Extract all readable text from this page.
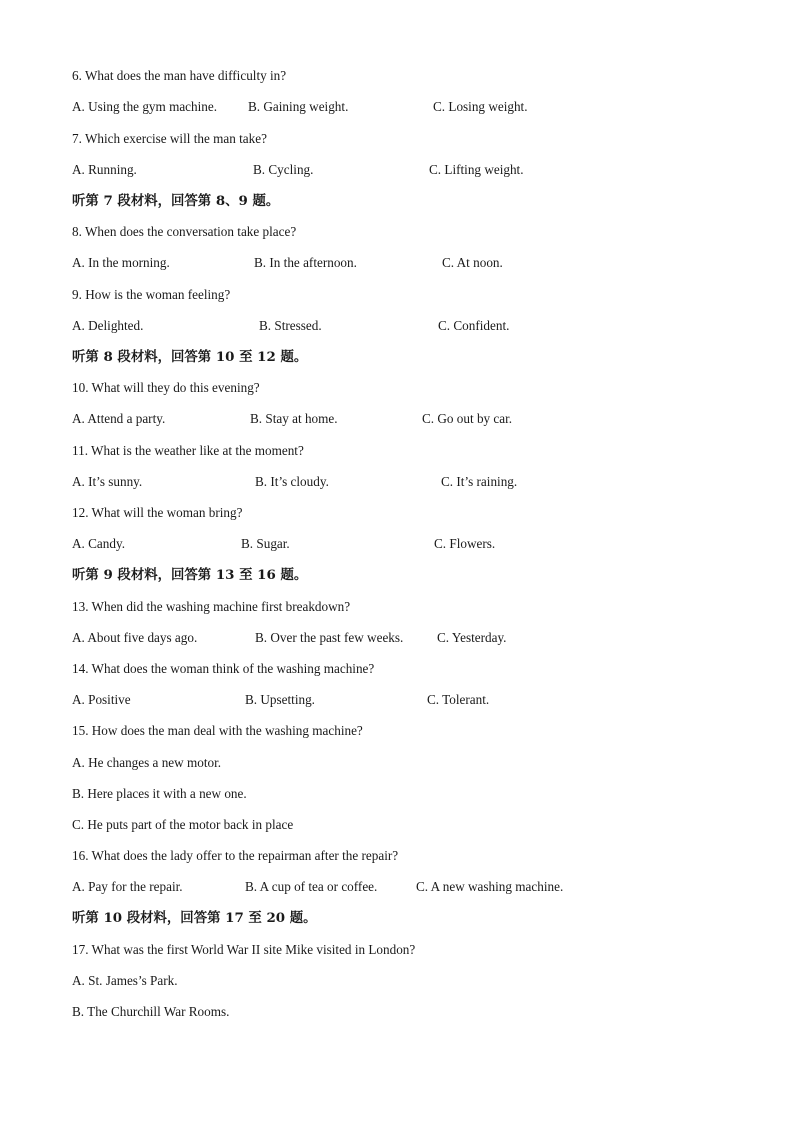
6. What does the man have difficulty in?
A. Using the gym machine. B. Gaining weight.	C. Losing weight.
7. Which exercise will the man take?
A. Running.	B. Cycling.	C. Lifting weight.
听第 7 段材料，回答第 8、9 题。
8. When does the conversation take place?
A. In the morning.	B. In the afternoon.	C. At noon.
9. How is the woman feeling?
A. Delighted.	B. Stressed.	C. Confident.
听第 8 段材料，回答第 10 至 12 题。
10. What will they do this evening?
A. Attend a party.	B. Stay at home.	C. Go out by car.
11. What is the weather like at the moment?
A. It’s sunny.	B. It’s cloudy.	C. It’s raining.
12. What will the woman bring?
A. Candy.	B. Sugar.	C. Flowers.
听第 9 段材料，回答第 13 至 16 题。
13. When did the washing machine first breakdown?
A. About five days ago.	B. Over the past few weeks.	C. Yesterday.
14. What does the woman think of the washing machine?
A. Positive	B. Upsetting.	C. Tolerant.
15. How does the man deal with the washing machine?
A. He changes a new motor.
B. Here places it with a new one.
C. He puts part of the motor back in place
16. What does the lady offer to the repairman after the repair?
A. Pay for the repair.	B. A cup of tea or coffee.	C. A new washing machine.
听第 10 段材料，回答第 17 至 20 题。
17. What was the first World War II site Mike visited in London?
A. St. James’s Park.
B. The Churchill War Rooms.
